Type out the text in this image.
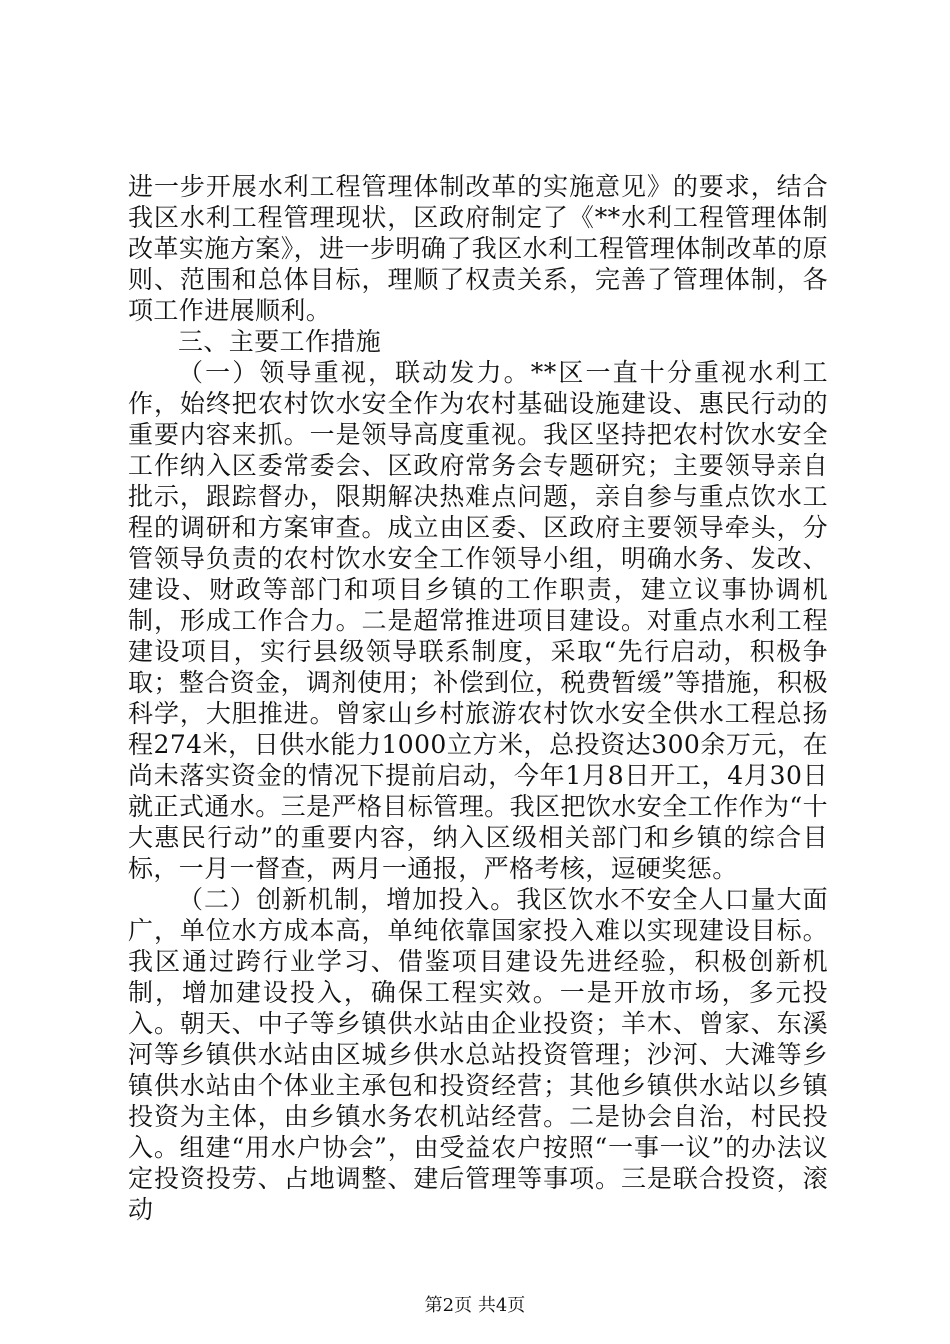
进一步开展水利工程管理体制改革的实施意见》的要求，结合我区水利工程管理现状，区政府制定了《**水利工程管理体制改革实施方案》，进一步明确了我区水利工程管理体制改革的原则、范围和总体目标，理顺了权责关系，完善了管理体制，各项工作进展顺利。

三、主要工作措施

（一）领导重视，联动发力。**区一直十分重视水利工作，始终把农村饮水安全作为农村基础设施建设、惠民行动的重要内容来抓。一是领导高度重视。我区坚持把农村饮水安全工作纳入区委常委会、区政府常务会专题研究；主要领导亲自批示，跟踪督办，限期解决热难点问题，亲自参与重点饮水工程的调研和方案审查。成立由区委、区政府主要领导牵头，分管领导负责的农村饮水安全工作领导小组，明确水务、发改、建设、财政等部门和项目乡镇的工作职责，建立议事协调机制，形成工作合力。二是超常推进项目建设。对重点水利工程建设项目，实行县级领导联系制度，采取“先行启动，积极争取；整合资金，调剂使用；补偿到位，税费暂缓”等措施，积极科学，大胆推进。曾家山乡村旅游农村饮水安全供水工程总扬程274米，日供水能力1000立方米，总投资达300余万元，在尚未落实资金的情况下提前启动，今年1月8日开工，4月30日就正式通水。三是严格目标管理。我区把饮水安全工作作为“十大惠民行动”的重要内容，纳入区级相关部门和乡镇的综合目标，一月一督查，两月一通报，严格考核，逗硬奖惩。

（二）创新机制，增加投入。我区饮水不安全人口量大面广，单位水方成本高，单纯依靠国家投入难以实现建设目标。我区通过跨行业学习、借鉴项目建设先进经验，积极创新机制，增加建设投入，确保工程实效。一是开放市场，多元投入。朝天、中子等乡镇供水站由企业投资；羊木、曾家、东溪河等乡镇供水站由区城乡供水总站投资管理；沙河、大滩等乡镇供水站由个体业主承包和投资经营；其他乡镇供水站以乡镇投资为主体，由乡镇水务农机站经营。二是协会自治，村民投入。组建“用水户协会”，由受益农户按照“一事一议”的办法议定投资投劳、占地调整、建后管理等事项。三是联合投资，滚动

第2页 共4页
